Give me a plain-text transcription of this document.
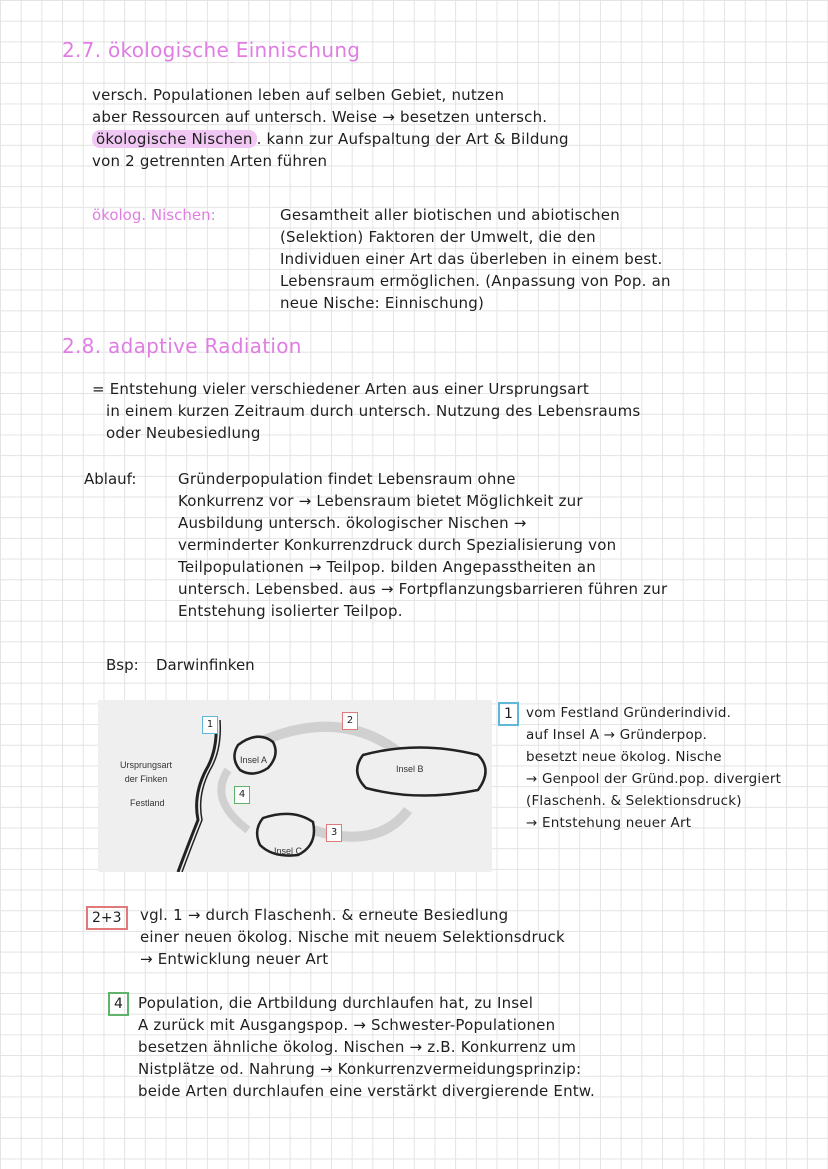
2.7. ökologische Einnischung
versch. Populationen leben auf selben Gebiet, nutzen
aber Ressourcen auf untersch. Weise → besetzen untersch.
ökologische Nischen . kann zur Aufspaltung der Art & Bildung
von 2 getrennten Arten führen
ökolog. Nischen:	Gesamtheit aller biotischen und abiotischen
(Selektion) Faktoren der Umwelt, die den
Individuen einer Art das überleben in einem best.
Lebensraum ermöglichen. (Anpassung von Pop. an
neue Nische: Einnischung)
2.8. adaptive Radiation
= Entstehung vieler verschiedener Arten aus einer Ursprungsart
in einem kurzen Zeitraum durch untersch. Nutzung des Lebensraums
oder Neubesiedlung
Ablauf:	Gründerpopulation findet Lebensraum ohne
Konkurrenz vor → Lebensraum bietet Möglichkeit zur
Ausbildung untersch. ökologischer Nischen →
verminderter Konkurrenzdruck durch Spezialisierung von
Teilpopulationen → Teilpop. bilden Angepasstheiten an
untersch. Lebensbed. aus → Fortpflanzungsbarrieren führen zur
Entstehung isolierter Teilpop.
Bsp: Darwinfinken
Ursprungsart
der Finken
Festland
Insel A
Insel B
Insel C
1	2
3
4
1 vom Festland Gründerindivid.
auf Insel A → Gründerpop.
besetzt neue ökolog. Nische
→ Genpool der Gründ.pop. divergiert
(Flaschenh. & Selektionsdruck)
→ Entstehung neuer Art
2+3	vgl. 1 → durch Flaschenh. & erneute Besiedlung
einer neuen ökolog. Nische mit neuem Selektionsdruck
→ Entwicklung neuer Art
4	Population, die Artbildung durchlaufen hat, zu Insel
A zurück mit Ausgangspop. → Schwester-Populationen
besetzen ähnliche ökolog. Nischen → z.B. Konkurrenz um
Nistplätze od. Nahrung → Konkurrenzvermeidungsprinzip:
beide Arten durchlaufen eine verstärkt divergierende Entw.
